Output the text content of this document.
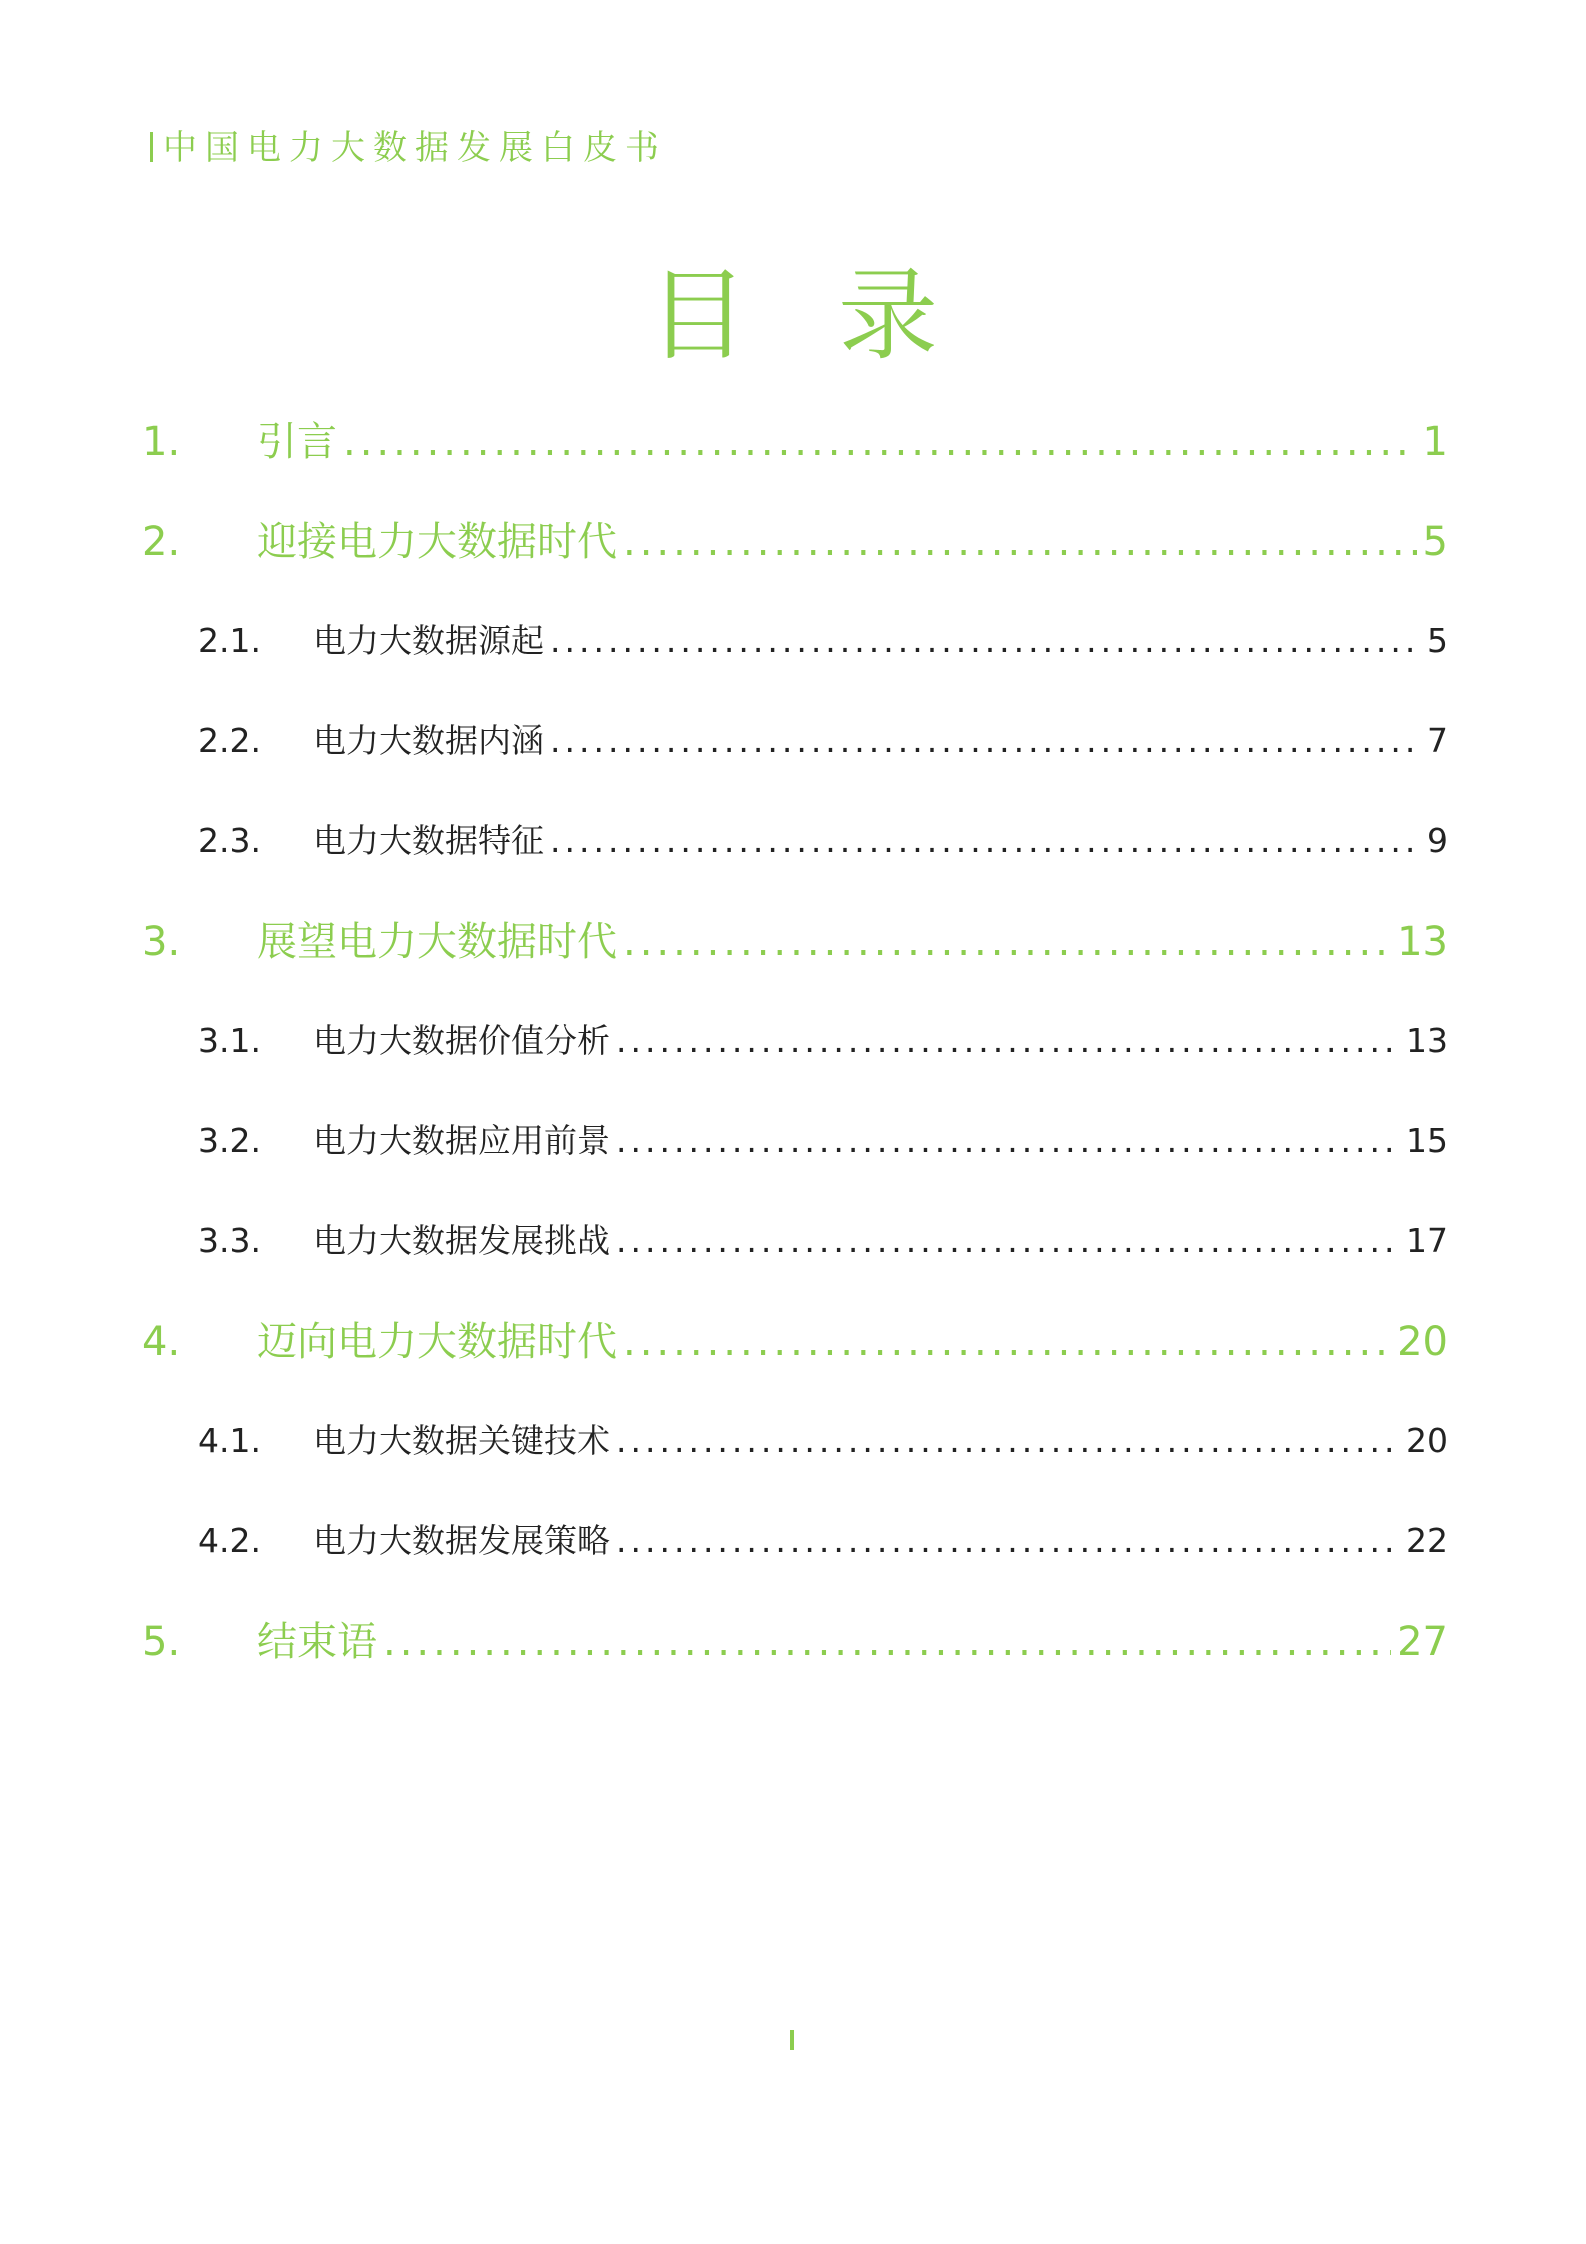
中国电力大数据发展白皮书
目录
1.	引言 .....	1
2.	迎接电力大数据时代 .....	5
2.1.	电力大数据源起 .....	5
2.2.	电力大数据内涵 .....	7
2.3.	电力大数据特征 .....	9
3.	展望电力大数据时代 .....	13
3.1.	电力大数据价值分析 .....	13
3.2.	电力大数据应用前景 .....	15
3.3.	电力大数据发展挑战 .....	17
4.	迈向电力大数据时代 .....	20
4.1.	电力大数据关键技术 .....	20
4.2.	电力大数据发展策略 .....	22
5.	结束语 .....	27
